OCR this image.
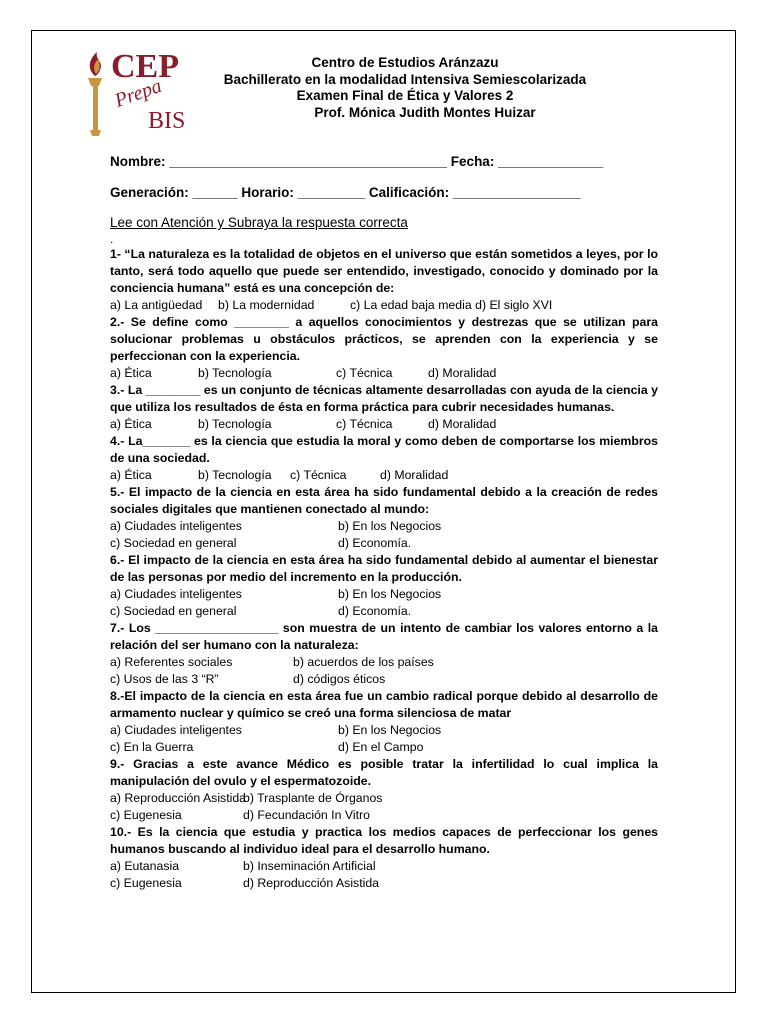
CEP
Prepa
BIS
Centro de Estudios Aránzazu
Bachillerato en la modalidad Intensiva Semiescolarizada
Examen Final de Ética y Valores 2
Prof. Mónica Judith Montes Huizar
Nombre: _____________________________________ Fecha: ______________
Generación: ______ Horario: _________ Calificación: _________________
Lee con Atención y Subraya la respuesta correcta
.
1- “La naturaleza es la totalidad de objetos en el universo que están sometidos a leyes, por lo tanto, será todo aquello que puede ser entendido, investigado, conocido y dominado por la conciencia humana” está es una concepción de:
a) La antigüedad	b) La modernidad	c) La edad baja media d) El siglo XVI
2.- Se define como ________ a aquellos conocimientos y destrezas que se utilizan para solucionar problemas u obstáculos prácticos, se aprenden con la experiencia y se perfeccionan con la experiencia.
a) Ética	b) Tecnología	c) Técnica	d) Moralidad
3.- La ________ es un conjunto de técnicas altamente desarrolladas con ayuda de la ciencia y que utiliza los resultados de ésta en forma práctica para cubrir necesidades humanas.
a) Ética	b) Tecnología	c) Técnica	d) Moralidad
4.- La_______ es la ciencia que estudia la moral y como deben de comportarse los miembros de una sociedad.
a) Ética	b) Tecnología	c) Técnica	d) Moralidad
5.- El impacto de la ciencia en esta área ha sido fundamental debido a la creación de redes sociales digitales que mantienen conectado al mundo:
a) Ciudades inteligentes	b) En los Negocios
c) Sociedad en general	d) Economía.
6.- El impacto de la ciencia en esta área ha sido fundamental debido al aumentar el bienestar de las personas por medio del incremento en la producción.
a) Ciudades inteligentes	b) En los Negocios
c) Sociedad en general	d) Economía.
7.- Los __________________ son muestra de un intento de cambiar los valores entorno a la relación del ser humano con la naturaleza:
a) Referentes sociales	b) acuerdos de los países
c) Usos de las 3 “R”	d) códigos éticos
8.-El impacto de la ciencia en esta área fue un cambio radical porque debido al desarrollo de armamento nuclear y químico se creó una forma silenciosa de matar
a) Ciudades inteligentes	b) En los Negocios
c) En la Guerra	d) En el Campo
9.- Gracias a este avance Médico es posible tratar la infertilidad lo cual implica la manipulación del ovulo y el espermatozoide.
a) Reproducción Asistida
b) Trasplante de Órganos
c) Eugenesia	d) Fecundación In Vitro
10.- Es la ciencia que estudia y practica los medios capaces de perfeccionar los genes humanos buscando al individuo ideal para el desarrollo humano.
a) Eutanasia	b) Inseminación Artificial
c) Eugenesia	d) Reproducción Asistida
